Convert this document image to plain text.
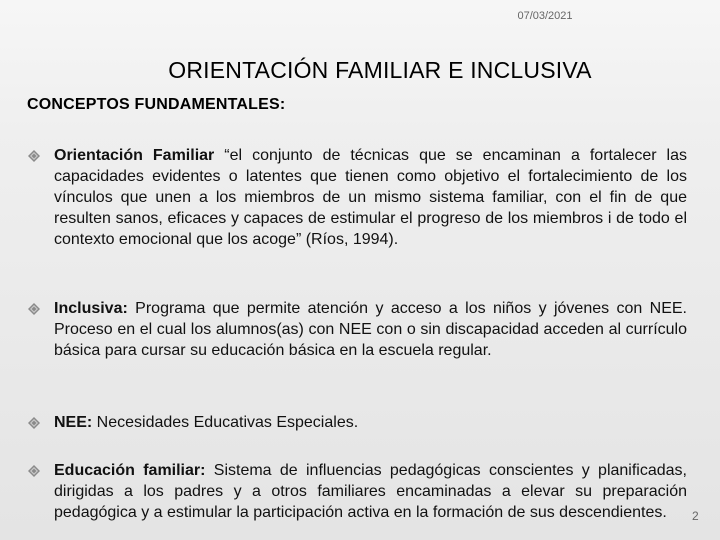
07/03/2021
ORIENTACIÓN FAMILIAR E INCLUSIVA
CONCEPTOS FUNDAMENTALES:
Orientación Familiar “el conjunto de técnicas que se encaminan a fortalecer las capacidades evidentes o latentes que tienen como objetivo el fortalecimiento de los vínculos que unen a los miembros de un mismo sistema familiar, con el fin de que resulten sanos, eficaces y capaces de estimular el progreso de los miembros i de todo el contexto emocional que los acoge” (Ríos, 1994).
Inclusiva: Programa que permite atención y acceso a los niños y jóvenes con NEE. Proceso en el cual los alumnos(as) con NEE con o sin discapacidad acceden al currículo básica para cursar su educación básica en la escuela regular.
NEE: Necesidades Educativas Especiales.
Educación familiar: Sistema de influencias pedagógicas conscientes y planificadas, dirigidas a los padres y a otros familiares encaminadas a elevar su preparación pedagógica y a estimular la participación activa en la formación de sus descendientes.	2
